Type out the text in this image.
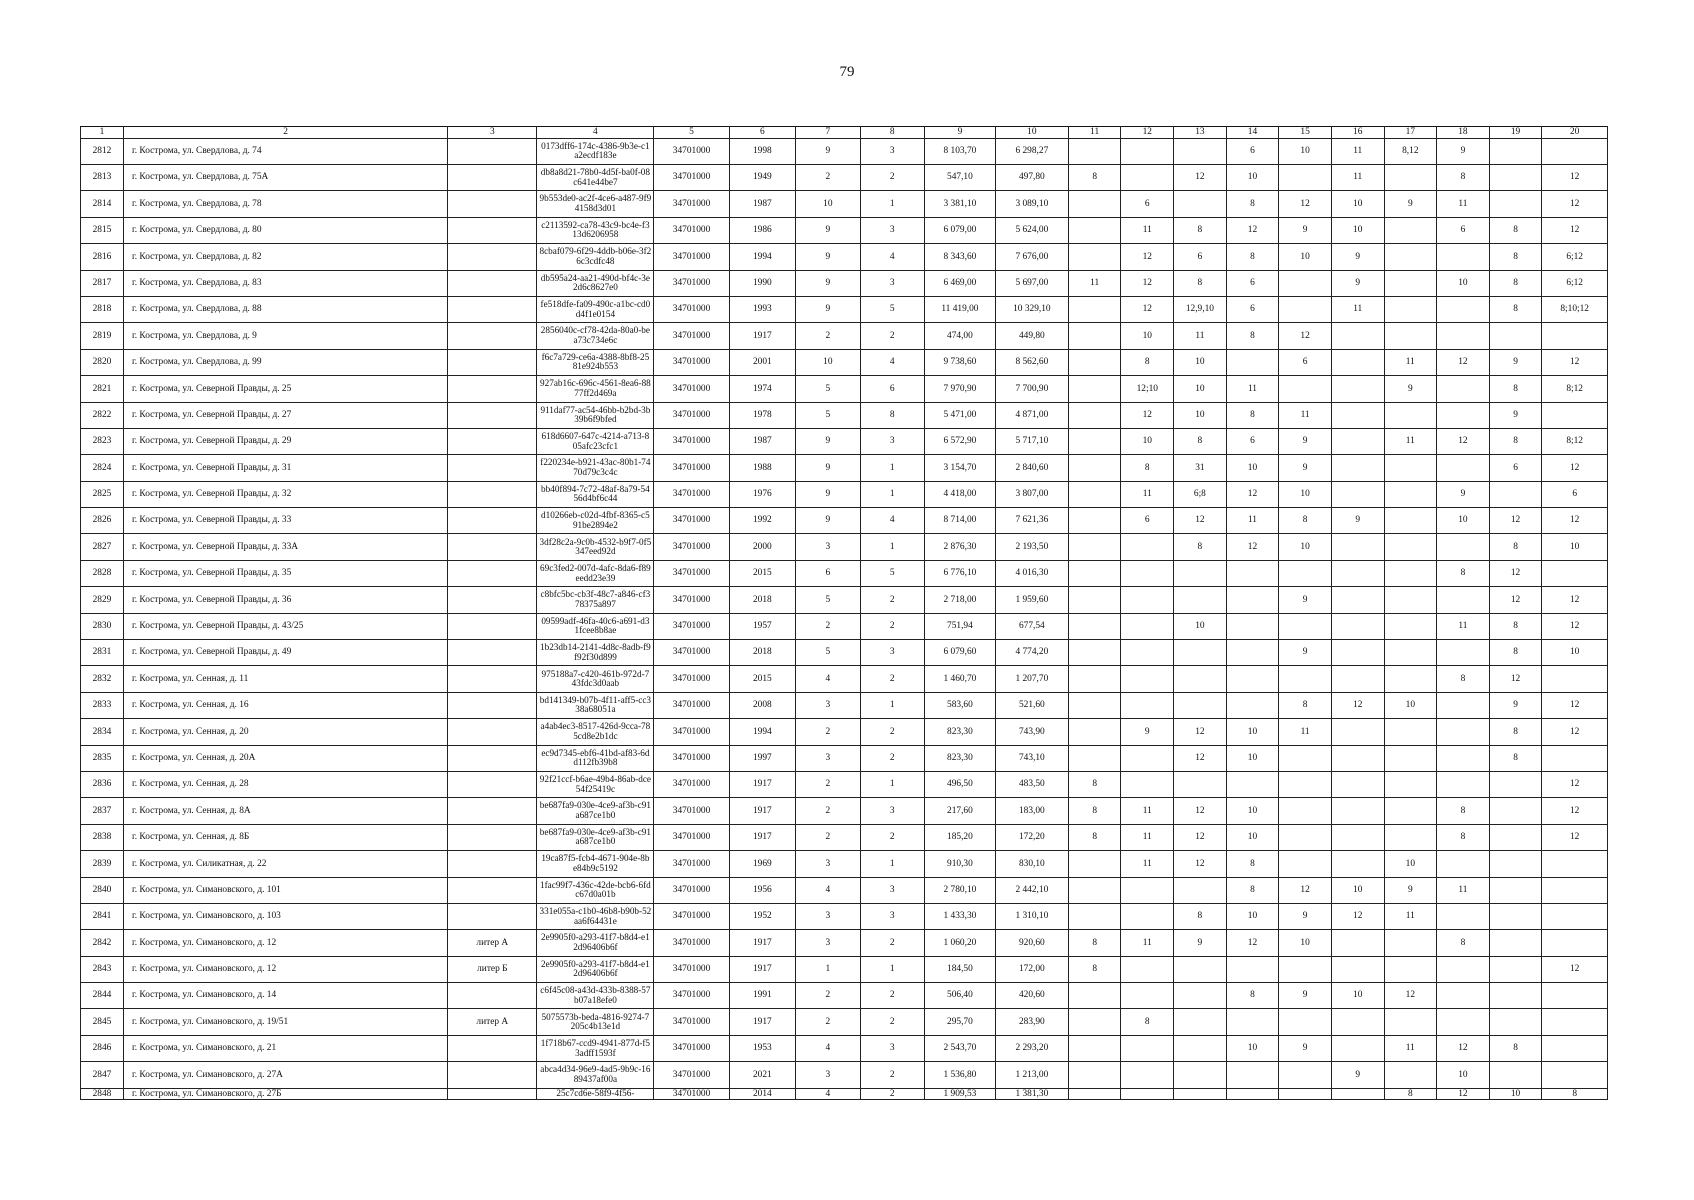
79
1	2	3	4	5	6	7	8	9	10	11	12	13	14	15	16	17	18	19	20
2812	г. Кострома, ул. Свердлова, д. 74		0173dff6-174c-4386-9b3e-c1a2ecdf183e	34701000	1998	9	3	8 103,70	6 298,27				6	10	11	8,12	9		
2813	г. Кострома, ул. Свердлова, д. 75А		db8a8d21-78b0-4d5f-ba0f-08c641e44be7	34701000	1949	2	2	547,10	497,80	8		12	10		11		8		12
2814	г. Кострома, ул. Свердлова, д. 78		9b553de0-ac2f-4ce6-a487-9f94158d3d01	34701000	1987	10	1	3 381,10	3 089,10		6		8	12	10	9	11		12
2815	г. Кострома, ул. Свердлова, д. 80		c2113592-ca78-43c9-bc4e-f313d6206958	34701000	1986	9	3	6 079,00	5 624,00		11	8	12	9	10		6	8	12
2816	г. Кострома, ул. Свердлова, д. 82		8cbaf079-6f29-4ddb-b06e-3f26c3cdfc48	34701000	1994	9	4	8 343,60	7 676,00		12	6	8	10	9			8	6;12
2817	г. Кострома, ул. Свердлова, д. 83		db595a24-aa21-490d-bf4c-3e2d6c8627e0	34701000	1990	9	3	6 469,00	5 697,00	11	12	8	6		9		10	8	6;12
2818	г. Кострома, ул. Свердлова, д. 88		fe518dfe-fa09-490c-a1bc-cd0d4f1e0154	34701000	1993	9	5	11 419,00	10 329,10		12	12,9,10	6		11			8	8;10;12
2819	г. Кострома, ул. Свердлова, д. 9		2856040c-cf78-42da-80a0-bea73c734e6c	34701000	1917	2	2	474,00	449,80		10	11	8	12					
2820	г. Кострома, ул. Свердлова, д. 99		f6c7a729-ce6a-4388-8bf8-2581e924b553	34701000	2001	10	4	9 738,60	8 562,60		8	10		6		11	12	9	12
2821	г. Кострома, ул. Северной Правды, д. 25		927ab16c-696c-4561-8ea6-8877ff2d469a	34701000	1974	5	6	7 970,90	7 700,90		12;10	10	11			9		8	8;12
2822	г. Кострома, ул. Северной Правды, д. 27		911daf77-ac54-46bb-b2bd-3b39b6f9bfed	34701000	1978	5	8	5 471,00	4 871,00		12	10	8	11				9	
2823	г. Кострома, ул. Северной Правды, д. 29		618d6607-647c-4214-a713-805afc23cfc1	34701000	1987	9	3	6 572,90	5 717,10		10	8	6	9		11	12	8	8;12
2824	г. Кострома, ул. Северной Правды, д. 31		f220234e-b921-43ac-80b1-7470d79c3c4c	34701000	1988	9	1	3 154,70	2 840,60		8	31	10	9				6	12
2825	г. Кострома, ул. Северной Правды, д. 32		bb40f894-7c72-48af-8a79-5456d4bf6c44	34701000	1976	9	1	4 418,00	3 807,00		11	6;8	12	10			9		6
2826	г. Кострома, ул. Северной Правды, д. 33		d10266eb-c02d-4fbf-8365-c591be2894e2	34701000	1992	9	4	8 714,00	7 621,36		6	12	11	8	9		10	12	12
2827	г. Кострома, ул. Северной Правды, д. 33А		3df28c2a-9c0b-4532-b9f7-0f5347eed92d	34701000	2000	3	1	2 876,30	2 193,50			8	12	10				8	10
2828	г. Кострома, ул. Северной Правды, д. 35		69c3fed2-007d-4afc-8da6-f89eedd23e39	34701000	2015	6	5	6 776,10	4 016,30								8	12	
2829	г. Кострома, ул. Северной Правды, д. 36		c8bfc5bc-cb3f-48c7-a846-cf378375a897	34701000	2018	5	2	2 718,00	1 959,60					9				12	12
2830	г. Кострома, ул. Северной Правды, д. 43/25		09599adf-46fa-40c6-a691-d31fcee8b8ae	34701000	1957	2	2	751,94	677,54			10					11	8	12
2831	г. Кострома, ул. Северной Правды, д. 49		1b23db14-2141-4d8c-8adb-f9f92f30d899	34701000	2018	5	3	6 079,60	4 774,20					9				8	10
2832	г. Кострома, ул. Сенная, д. 11		975188a7-c420-461b-972d-743fdc3d0aab	34701000	2015	4	2	1 460,70	1 207,70								8	12	
2833	г. Кострома, ул. Сенная, д. 16		bd141349-b07b-4f11-aff5-cc338a68051a	34701000	2008	3	1	583,60	521,60					8	12	10		9	12
2834	г. Кострома, ул. Сенная, д. 20		a4ab4ec3-8517-426d-9cca-785cd8e2b1dc	34701000	1994	2	2	823,30	743,90		9	12	10	11				8	12
2835	г. Кострома, ул. Сенная, д. 20А		ec9d7345-ebf6-41bd-af83-6dd112fb39b8	34701000	1997	3	2	823,30	743,10			12	10					8	
2836	г. Кострома, ул. Сенная, д. 28		92f21ccf-b6ae-49b4-86ab-dce54f25419c	34701000	1917	2	1	496,50	483,50	8									12
2837	г. Кострома, ул. Сенная, д. 8А		be687fa9-030e-4ce9-af3b-c91a687ce1b0	34701000	1917	2	3	217,60	183,00	8	11	12	10				8		12
2838	г. Кострома, ул. Сенная, д. 8Б		be687fa9-030e-4ce9-af3b-c91a687ce1b0	34701000	1917	2	2	185,20	172,20	8	11	12	10				8		12
2839	г. Кострома, ул. Силикатная, д. 22		19ca87f5-fcb4-4671-904e-8be84b9c5192	34701000	1969	3	1	910,30	830,10		11	12	8			10			
2840	г. Кострома, ул. Симановского, д. 101		1fac99f7-436c-42de-bcb6-6fdc67d0a01b	34701000	1956	4	3	2 780,10	2 442,10				8	12	10	9	11		
2841	г. Кострома, ул. Симановского, д. 103		331e055a-c1b0-46b8-b90b-52aa6f64431e	34701000	1952	3	3	1 433,30	1 310,10			8	10	9	12	11			
2842	г. Кострома, ул. Симановского, д. 12	литер А	2e9905f0-a293-41f7-b8d4-e12d96406b6f	34701000	1917	3	2	1 060,20	920,60	8	11	9	12	10			8		
2843	г. Кострома, ул. Симановского, д. 12	литер Б	2e9905f0-a293-41f7-b8d4-e12d96406b6f	34701000	1917	1	1	184,50	172,00	8									12
2844	г. Кострома, ул. Симановского, д. 14		c6f45c08-a43d-433b-8388-57b07a18efe0	34701000	1991	2	2	506,40	420,60				8	9	10	12			
2845	г. Кострома, ул. Симановского, д. 19/51	литер А	5075573b-beda-4816-9274-7205c4b13e1d	34701000	1917	2	2	295,70	283,90		8								
2846	г. Кострома, ул. Симановского, д. 21		1f718b67-ccd9-4941-877d-f53adff1593f	34701000	1953	4	3	2 543,70	2 293,20				10	9		11	12	8	
2847	г. Кострома, ул. Симановского, д. 27А		abca4d34-96e9-4ad5-9b9c-1689437af00a	34701000	2021	3	2	1 536,80	1 213,00						9		10		
2848	г. Кострома, ул. Симановского, д. 27Б		25c7cd6e-58f9-4f56-	34701000	2014	4	2	1 909,53	1 381,30							8	12	10	8
